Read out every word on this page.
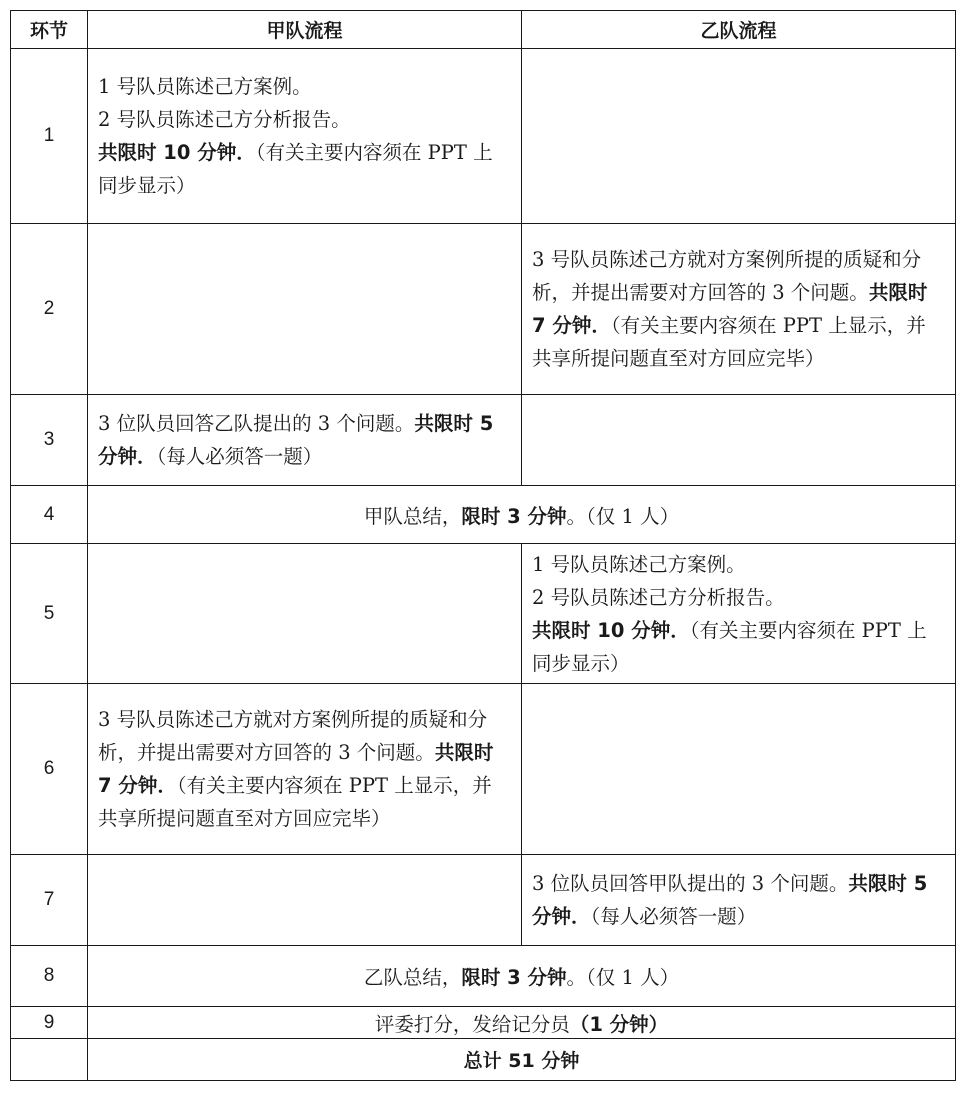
环节	甲队流程	乙队流程
1	1 号队员陈述己方案例。
2 号队员陈述己方分析报告。
共限时 10 分钟．（有关主要内容须在 PPT 上同步显示）	
2		3 号队员陈述己方就对方案例所提的质疑和分析，并提出需要对方回答的 3 个问题。共限时 7 分钟．（有关主要内容须在 PPT 上显示，并共享所提问题直至对方回应完毕）
3	3 位队员回答乙队提出的 3 个问题。共限时 5 分钟．（每人必须答一题）	
4	甲队总结，限时 3 分钟。（仅 1 人）	
5		1 号队员陈述己方案例。
2 号队员陈述己方分析报告。
共限时 10 分钟．（有关主要内容须在 PPT 上同步显示）
6	3 号队员陈述己方就对方案例所提的质疑和分析，并提出需要对方回答的 3 个问题。共限时 7 分钟．（有关主要内容须在 PPT 上显示，并共享所提问题直至对方回应完毕）	
7		3 位队员回答甲队提出的 3 个问题。共限时 5 分钟．（每人必须答一题）
8	乙队总结，限时 3 分钟。（仅 1 人）	
9	评委打分，发给记分员（1 分钟）	
	总计 51 分钟	
